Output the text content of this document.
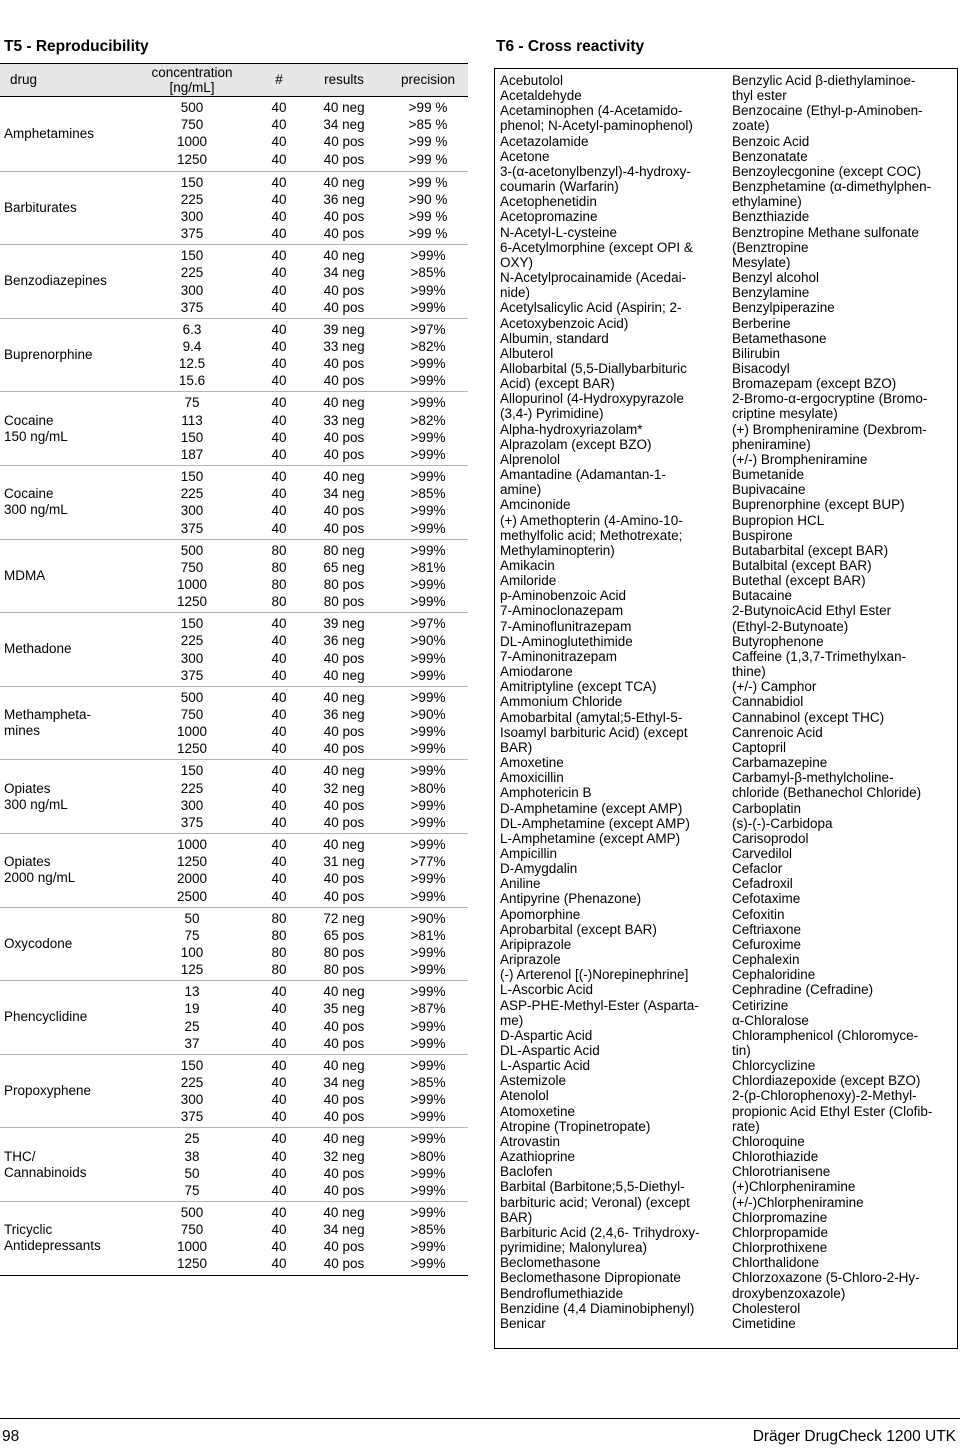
T5 - Reproducibility	T6 - Cross reactivity
drug	concentration
[ng/mL]
#	results	precision
Amphetamines
500	40	40 neg	>99 %
750	40	34 neg	>85 %
1000	40	40 pos	>99 %
1250	40	40 pos	>99 %
Barbiturates
150	40	40 neg	>99 %
225	40	36 neg	>90 %
300	40	40 pos	>99 %
375	40	40 pos	>99 %
Benzodiazepines
150	40	40 neg	>99%
225	40	34 neg	>85%
300	40	40 pos	>99%
375	40	40 pos	>99%
Buprenorphine
6.3	40	39 neg	>97%
9.4	40	33 neg	>82%
12.5	40	40 pos	>99%
15.6	40	40 pos	>99%
Cocaine
150 ng/mL
75	40	40 neg	>99%
113	40	33 neg	>82%
150	40	40 pos	>99%
187	40	40 pos	>99%
Cocaine
300 ng/mL
150	40	40 neg	>99%
225	40	34 neg	>85%
300	40	40 pos	>99%
375	40	40 pos	>99%
MDMA
500	80	80 neg	>99%
750	80	65 neg	>81%
1000	80	80 pos	>99%
1250	80	80 pos	>99%
Methadone
150	40	39 neg	>97%
225	40	36 neg	>90%
300	40	40 pos	>99%
375	40	40 neg	>99%
Methampheta-
mines
500	40	40 neg	>99%
750	40	36 neg	>90%
1000	40	40 pos	>99%
1250	40	40 pos	>99%
Opiates
300 ng/mL
150	40	40 neg	>99%
225	40	32 neg	>80%
300	40	40 pos	>99%
375	40	40 pos	>99%
Opiates
2000 ng/mL
1000	40	40 neg	>99%
1250	40	31 neg	>77%
2000	40	40 pos	>99%
2500	40	40 pos	>99%
Oxycodone
50	80	72 neg	>90%
75	80	65 pos	>81%
100	80	80 pos	>99%
125	80	80 pos	>99%
Phencyclidine
13	40	40 neg	>99%
19	40	35 neg	>87%
25	40	40 pos	>99%
37	40	40 pos	>99%
Propoxyphene
150	40	40 neg	>99%
225	40	34 neg	>85%
300	40	40 pos	>99%
375	40	40 pos	>99%
THC/
Cannabinoids
25	40	40 neg	>99%
38	40	32 neg	>80%
50	40	40 pos	>99%
75	40	40 pos	>99%
Tricyclic
Antidepressants
500	40	40 neg	>99%
750	40	34 neg	>85%
1000	40	40 pos	>99%
1250	40	40 pos	>99%
Acebutolol
Acetaldehyde
Acetaminophen (4-Acetamido-
phenol; N-Acetyl-paminophenol)
Acetazolamide
Acetone
3-(α-acetonylbenzyl)-4-hydroxy-
coumarin (Warfarin)
Acetophenetidin
Acetopromazine
N-Acetyl-L-cysteine
6-Acetylmorphine (except OPI &
OXY)
N-Acetylprocainamide (Acedai-
nide)
Acetylsalicylic Acid (Aspirin; 2-
Acetoxybenzoic Acid)
Albumin, standard
Albuterol
Allobarbital (5,5-Diallybarbituric
Acid) (except BAR)
Allopurinol (4-Hydroxypyrazole
(3,4-) Pyrimidine)
Alpha-hydroxyriazolam*
Alprazolam (except BZO)
Alprenolol
Amantadine (Adamantan-1-
amine)
Amcinonide
(+) Amethopterin (4-Amino-10-
methylfolic acid; Methotrexate;
Methylaminopterin)
Amikacin
Amiloride
p-Aminobenzoic Acid
7-Aminoclonazepam
7-Aminoflunitrazepam
DL-Aminoglutethimide
7-Aminonitrazepam
Amiodarone
Amitriptyline (except TCA)
Ammonium Chloride
Amobarbital (amytal;5-Ethyl-5-
Isoamyl barbituric Acid) (except
BAR)
Amoxetine
Amoxicillin
Amphotericin B
D-Amphetamine (except AMP)
DL-Amphetamine (except AMP)
L-Amphetamine (except AMP)
Ampicillin
D-Amygdalin
Aniline
Antipyrine (Phenazone)
Apomorphine
Aprobarbital (except BAR)
Aripiprazole
Ariprazole
(-) Arterenol [(-)Norepinephrine]
L-Ascorbic Acid
ASP-PHE-Methyl-Ester (Asparta-
me)
D-Aspartic Acid
DL-Aspartic Acid
L-Aspartic Acid
Astemizole
Atenolol
Atomoxetine
Atropine (Tropinetropate)
Atrovastin
Azathioprine
Baclofen
Barbital (Barbitone;5,5-Diethyl-
barbituric acid; Veronal) (except
BAR)
Barbituric Acid (2,4,6- Trihydroxy-
pyrimidine; Malonylurea)
Beclomethasone
Beclomethasone Dipropionate
Bendroflumethiazide
Benzidine (4,4 Diaminobiphenyl)
Benicar
Benzylic Acid β-diethylaminoe-
thyl ester
Benzocaine (Ethyl-p-Aminoben-
zoate)
Benzoic Acid
Benzonatate
Benzoylecgonine (except COC)
Benzphetamine (α-dimethylphen-
ethylamine)
Benzthiazide
Benztropine Methane sulfonate
(Benztropine
Mesylate)
Benzyl alcohol
Benzylamine
Benzylpiperazine
Berberine
Betamethasone
Bilirubin
Bisacodyl
Bromazepam (except BZO)
2-Bromo-α-ergocryptine (Bromo-
criptine mesylate)
(+) Brompheniramine (Dexbrom-
pheniramine)
(+/-) Brompheniramine
Bumetanide
Bupivacaine
Buprenorphine (except BUP)
Bupropion HCL
Buspirone
Butabarbital (except BAR)
Butalbital (except BAR)
Butethal (except BAR)
Butacaine
2-ButynoicAcid Ethyl Ester
(Ethyl-2-Butynoate)
Butyrophenone
Caffeine (1,3,7-Trimethylxan-
thine)
(+/-) Camphor
Cannabidiol
Cannabinol (except THC)
Canrenoic Acid
Captopril
Carbamazepine
Carbamyl-β-methylcholine-
chloride (Bethanechol Chloride)
Carboplatin
(s)-(-)-Carbidopa
Carisoprodol
Carvedilol
Cefaclor
Cefadroxil
Cefotaxime
Cefoxitin
Ceftriaxone
Cefuroxime
Cephalexin
Cephaloridine
Cephradine (Cefradine)
Cetirizine
α-Chloralose
Chloramphenicol (Chloromyce-
tin)
Chlorcyclizine
Chlordiazepoxide (except BZO)
2-(p-Chlorophenoxy)-2-Methyl-
propionic Acid Ethyl Ester (Clofib-
rate)
Chloroquine
Chlorothiazide
Chlorotrianisene
(+)Chlorpheniramine
(+/-)Chlorpheniramine
Chlorpromazine
Chlorpropamide
Chlorprothixene
Chlorthalidone
Chlorzoxazone (5-Chloro-2-Hy-
droxybenzoxazole)
Cholesterol
Cimetidine
98	Dräger DrugCheck 1200 UTK
